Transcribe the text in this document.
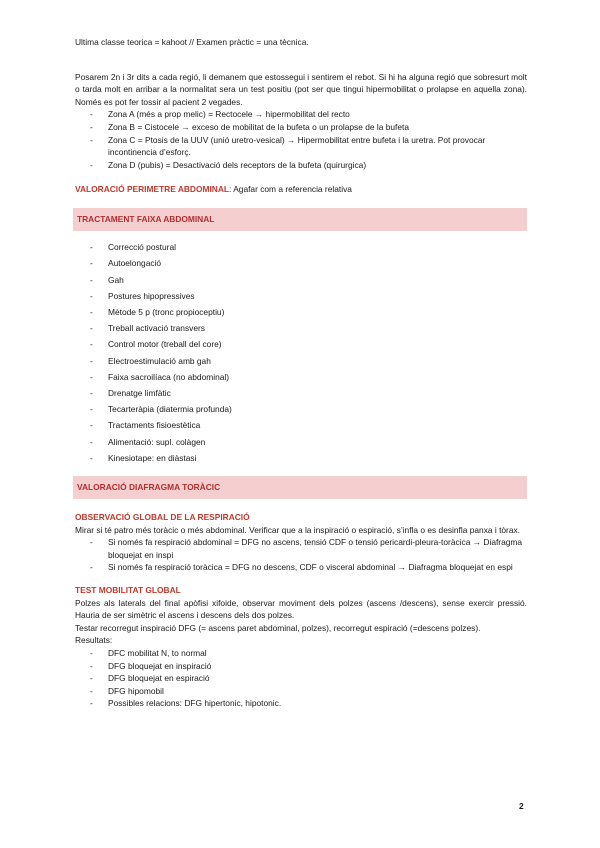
Ultima classe teorica = kahoot // Examen pràctic = una tècnica.

Posarem 2n i 3r dits a cada regió, li demanem que estossegui i sentirem el rebot. Si hi ha alguna regió que sobresurt molt o tarda molt en arribar a la normalitat sera un test positiu (pot ser que tingui hipermobilitat o prolapse en aquella zona). Només es pot fer tossir al pacient 2 vegades.

- Zona A (més a prop melic) = Rectocele → hipermobilitat del recto
- Zona B = Cistocele → exceso de mobilitat de la bufeta o un prolapse de la bufeta
- Zona C = Ptosis de la UUV (unió uretro-vesical) → Hipermobilitat entre bufeta i la uretra. Pot provocar incontinencia d’esforç.
- Zona D (pubis) = Desactivació dels receptors de la bufeta (quirurgica)

VALORACIÓ PERIMETRE ABDOMINAL: Agafar com a referencia relativa

TRACTAMENT FAIXA ABDOMINAL
- Correcció postural
- Autoelongació
- Gah
- Postures hipopressives
- Mètode 5 p (tronc propioceptiu)
- Treball activació transvers
- Control motor (treball del core)
- Electroestimulació amb gah
- Faixa sacroilíaca (no abdominal)
- Drenatge limfàtic
- Tecarteràpia (diatermia profunda)
- Tractaments fisioestètica
- Alimentació: supl. colàgen
- Kinesiotape: en diàstasi
VALORACIÓ DIAFRAGMA TORÀCIC
OBSERVACIÓ GLOBAL DE LA RESPIRACIÓ

Mirar si té patro més toràcic o més abdominal. Verificar que a la inspiració o espiració, s’infla o es desinfla panxa i tòrax.

- Si només fa respiració abdominal = DFG no ascens, tensió CDF o tensió pericardi-pleura-toràcica → Diafragma bloquejat en inspi
- Si només fa respiració toràcica = DFG no descens, CDF o visceral abdominal → Diafragma bloquejat en espi
TEST MOBILITAT GLOBAL

Polzes als laterals del final apòfisi xifoide, observar moviment dels polzes (ascens /descens), sense exercir pressió. Hauria de ser simètric el ascens i descens dels dos polzes.

Testar recorregut inspiració DFG (= ascens paret abdominal, polzes), recorregut espiració (=descens polzes).

Resultats:

- DFC mobilitat N, to normal
- DFG bloquejat en inspiració
- DFG bloquejat en espiració
- DFG hipomobil
- Possibles relacions: DFG hipertonic, hipotonic.
2
